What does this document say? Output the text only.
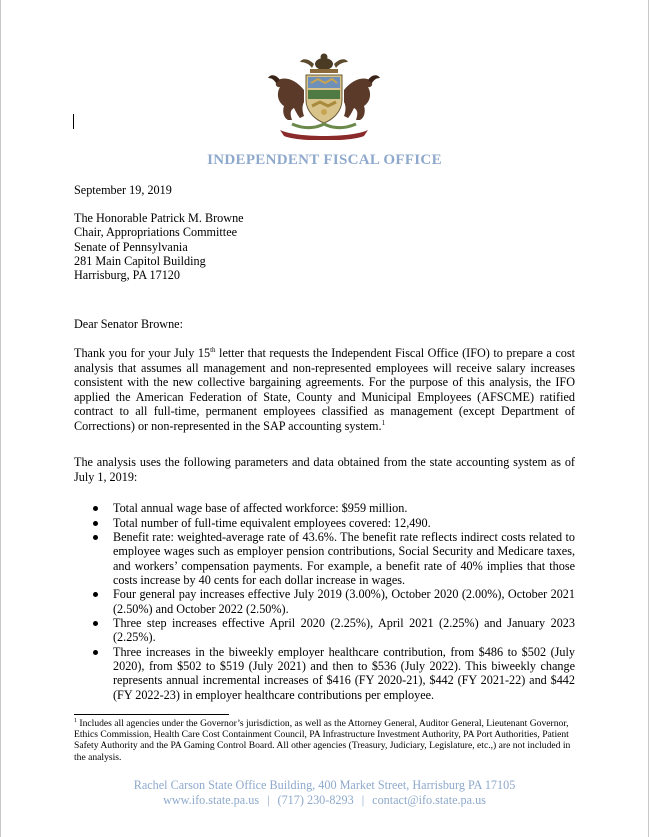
INDEPENDENT FISCAL OFFICE
September 19, 2019
The Honorable Patrick M. Browne
Chair, Appropriations Committee
Senate of Pennsylvania
281 Main Capitol Building
Harrisburg, PA 17120
Dear Senator Browne:
Thank you for your July 15th letter that requests the Independent Fiscal Office (IFO) to prepare a cost analysis that assumes all management and non-represented employees will receive salary increases consistent with the new collective bargaining agreements. For the purpose of this analysis, the IFO applied the American Federation of State, County and Municipal Employees (AFSCME) ratified contract to all full-time, permanent employees classified as management (except Department of Corrections) or non-represented in the SAP accounting system.$^1$
The analysis uses the following parameters and data obtained from the state accounting system as of July 1, 2019:
Total annual wage base of affected workforce: $959 million.
Total number of full-time equivalent employees covered: 12,490.
Benefit rate: weighted-average rate of 43.6%. The benefit rate reflects indirect costs related to employee wages such as employer pension contributions, Social Security and Medicare taxes, and workers’ compensation payments. For example, a benefit rate of 40% implies that those costs increase by 40 cents for each dollar increase in wages.
Four general pay increases effective July 2019 (3.00%), October 2020 (2.00%), October 2021 (2.50%) and October 2022 (2.50%).
Three step increases effective April 2020 (2.25%), April 2021 (2.25%) and January 2023 (2.25%).
Three increases in the biweekly employer healthcare contribution, from $486 to $502 (July 2020), from $502 to $519 (July 2021) and then to $536 (July 2022). This biweekly change represents annual incremental increases of $416 (FY 2020-21), $442 (FY 2021-22) and $442 (FY 2022-23) in employer healthcare contributions per employee.
$^1$ Includes all agencies under the Governor’s jurisdiction, as well as the Attorney General, Auditor General, Lieutenant Governor, Ethics Commission, Health Care Cost Containment Council, PA Infrastructure Investment Authority, PA Port Authorities, Patient Safety Authority and the PA Gaming Control Board. All other agencies (Treasury, Judiciary, Legislature, etc.,) are not included in the analysis.
Rachel Carson State Office Building, 400 Market Street, Harrisburg PA 17105
www.ifo.state.pa.us | (717) 230-8293 | contact@ifo.state.pa.us
